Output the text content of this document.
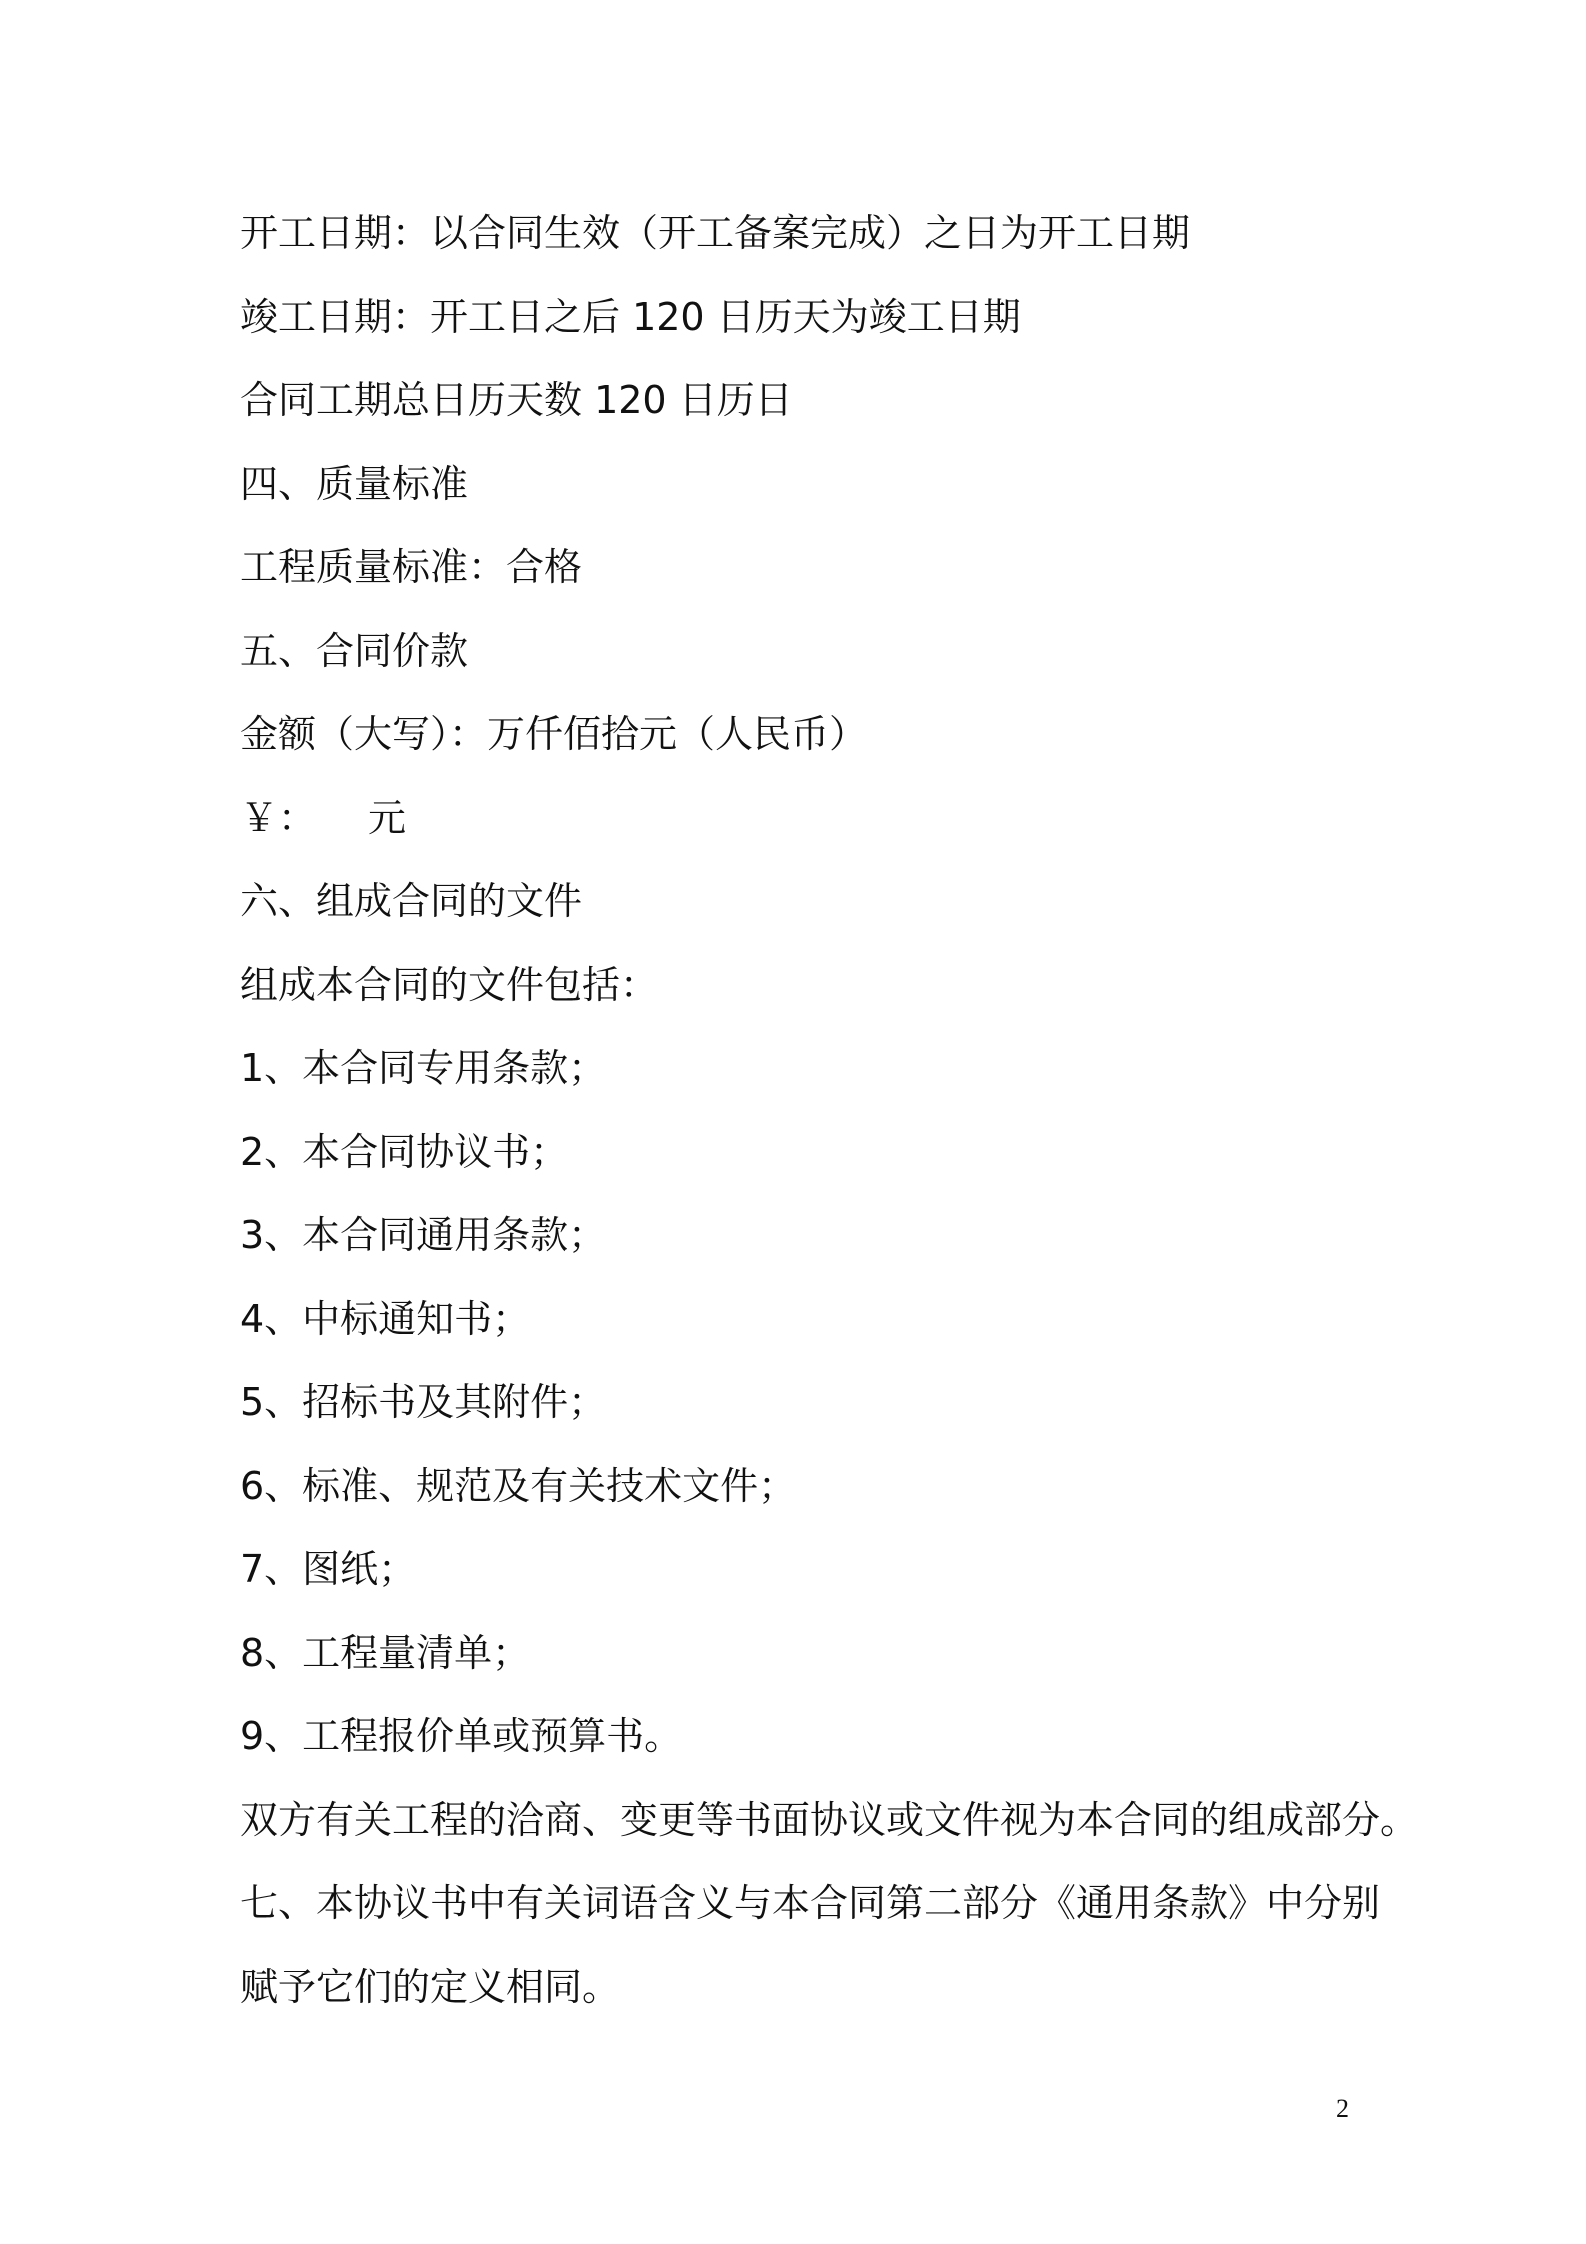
开工日期：以合同生效（开工备案完成）之日为开工日期
竣工日期：开工日之后 120 日历天为竣工日期
合同工期总日历天数 120 日历日
四、质量标准
工程质量标准：合格
五、合同价款
金额（大写）：万仟佰拾元（人民币）
￥： 元
六、组成合同的文件
组成本合同的文件包括：
1、本合同专用条款；
2、本合同协议书；
3、本合同通用条款；
4、中标通知书；
5、招标书及其附件；
6、标准、规范及有关技术文件；
7、图纸；
8、工程量清单；
9、工程报价单或预算书。
双方有关工程的洽商、变更等书面协议或文件视为本合同的组成部分。
七、本协议书中有关词语含义与本合同第二部分《通用条款》中分别
赋予它们的定义相同。
2
